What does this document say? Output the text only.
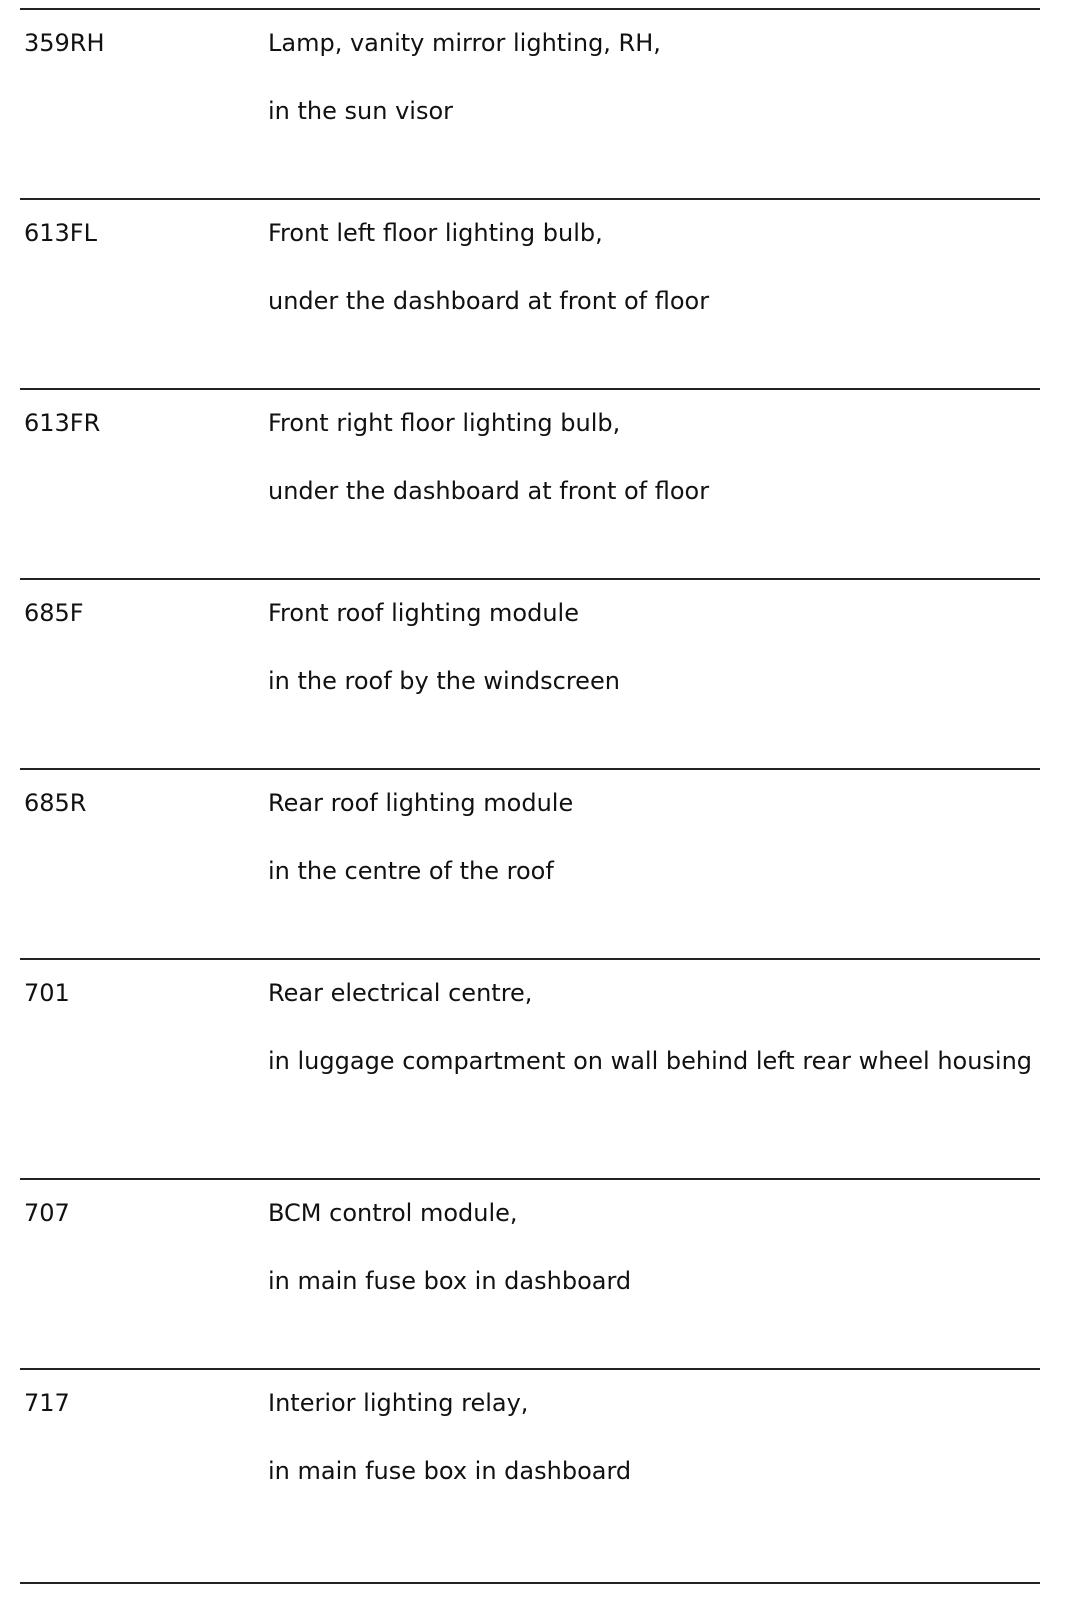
359RH	Lamp, vanity mirror lighting, RH,
in the sun visor
613FL	Front left floor lighting bulb,
under the dashboard at front of floor
613FR	Front right floor lighting bulb,
under the dashboard at front of floor
685F	Front roof lighting module
in the roof by the windscreen
685R	Rear roof lighting module
in the centre of the roof
701	Rear electrical centre,
in luggage compartment on wall behind left rear wheel housing
707	BCM control module,
in main fuse box in dashboard
717	Interior lighting relay,
in main fuse box in dashboard
